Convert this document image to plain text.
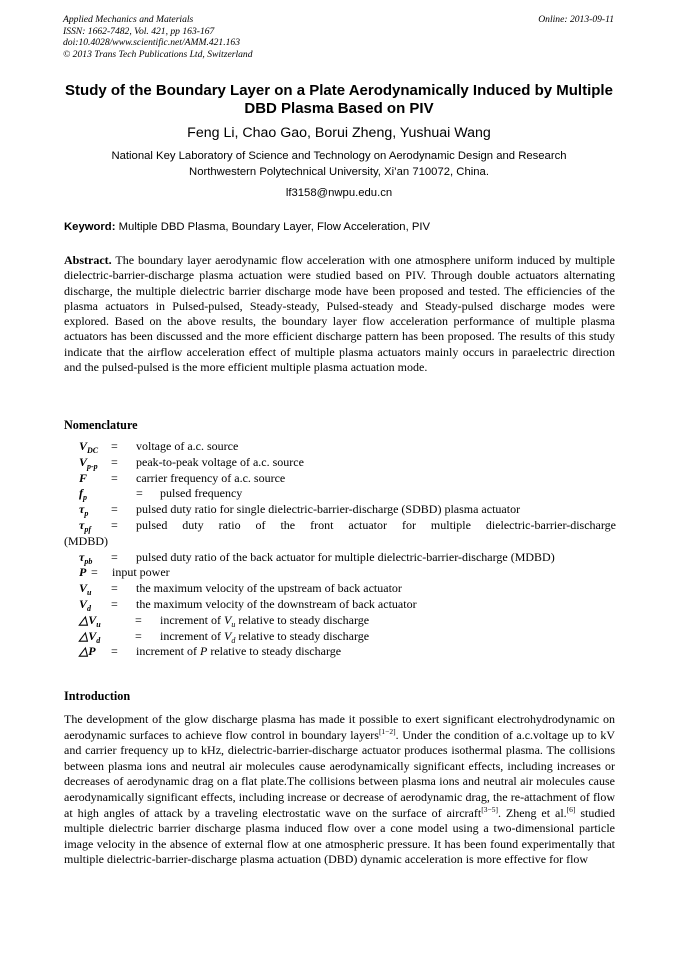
Applied Mechanics and Materials
ISSN: 1662-7482, Vol. 421, pp 163-167
doi:10.4028/www.scientific.net/AMM.421.163
© 2013 Trans Tech Publications Ltd, Switzerland
Online: 2013-09-11
Study of the Boundary Layer on a Plate Aerodynamically Induced by Multiple DBD Plasma Based on PIV
Feng Li, Chao Gao, Borui Zheng, Yushuai Wang
National Key Laboratory of Science and Technology on Aerodynamic Design and Research
Northwestern Polytechnical University, Xi’an 710072, China.
lf3158@nwpu.edu.cn
Keyword: Multiple DBD Plasma, Boundary Layer, Flow Acceleration, PIV
Abstract. The boundary layer aerodynamic flow acceleration with one atmosphere uniform induced by multiple dielectric-barrier-discharge plasma actuation were studied based on PIV. Through double actuators alternating discharge, the multiple dielectric barrier discharge mode have been proposed and tested. The efficiencies of the plasma actuators in Pulsed-pulsed, Steady-steady, Pulsed-steady and Steady-pulsed discharge modes were explored. Based on the above results, the boundary layer flow acceleration performance of multiple plasma actuators has been discussed and the more efficient discharge pattern has been proposed. The results of this study indicate that the airflow acceleration effect of multiple plasma actuators mainly occurs in paraelectric direction and the pulsed-pulsed is the more efficient multiple plasma actuation mode.
Nomenclature
$V_{DC}$ = voltage of a.c. source
$V_{p-p}$ = peak-to-peak voltage of a.c. source
F = carrier frequency of a.c. source
$f_p$	= pulsed frequency
$\tau_p$ = pulsed duty ratio for single dielectric-barrier-discharge (SDBD) plasma actuator
$\tau_{pf}$ =	pulsed duty ratio of the front actuator for multiple dielectric-barrier-discharge
(MDBD)
$\tau_{pb}$ = pulsed duty ratio of the back actuator for multiple dielectric-barrier-discharge (MDBD)
P = input power
$V_u$ = the maximum velocity of the upstream of back actuator
$V_d$ = the maximum velocity of the downstream of back actuator
$\triangle V_u$	= increment of $V_u$ relative to steady discharge
$\triangle V_d$	= increment of $V_d$ relative to steady discharge
△P = increment of P relative to steady discharge
Introduction
The development of the glow discharge plasma has made it possible to exert significant electrohydrodynamic on aerodynamic surfaces to achieve flow control in boundary layers[1−2]. Under the condition of a.c.voltage up to kV and carrier frequency up to kHz, dielectric-barrier-discharge actuator produces isothermal plasma. The collisions between plasma ions and neutral air molecules cause aerodynamically significant effects, including increases or decreases of aerodynamic drag on a flat plate.The collisions between plasma ions and neutral air molecules cause aerodynamically significant effects, including increase or decrease of aerodynamic drag, the re-attachment of flow at high angles of attack by a traveling electrostatic wave on the surface of aircraft[3−5]. Zheng et al.[6] studied multiple dielectric barrier discharge plasma induced flow over a cone model using a two-dimensional particle image velocity in the absence of external flow at one atmospheric pressure. It has been found experimentally that multiple dielectric-barrier-discharge plasma actuation (DBD) dynamic acceleration is more effective for flow
